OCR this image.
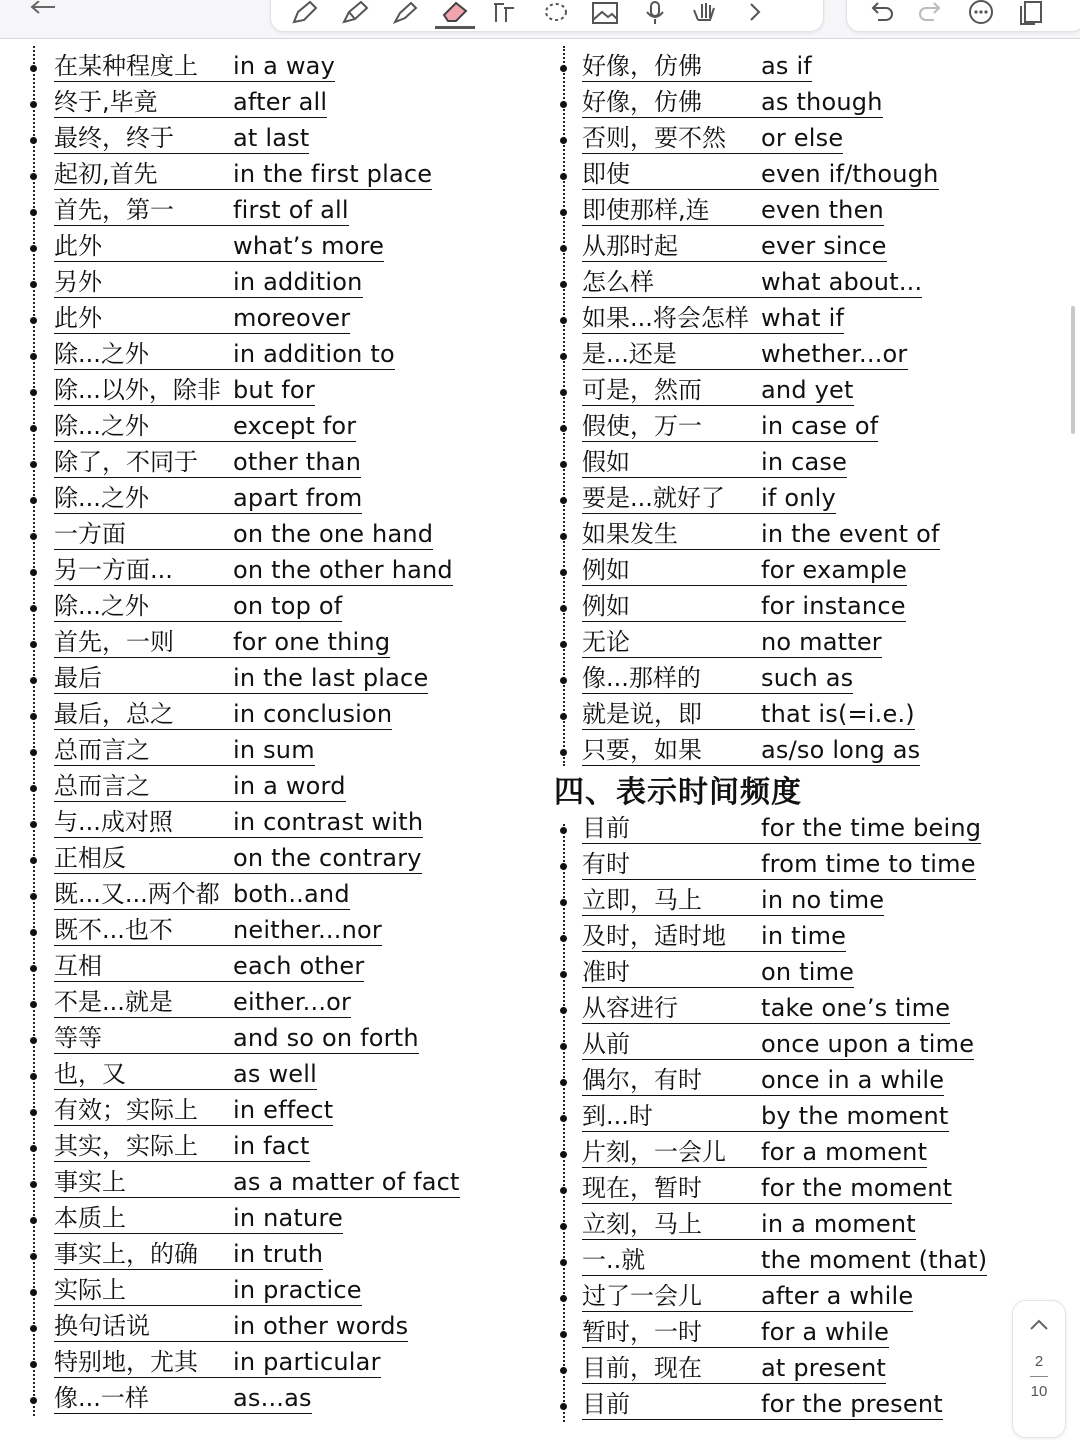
在某种程度上	in a way
终于,毕竟	after all
最终，终于	at last
起初,首先	in the first place
首先，第一	first of all
此外	what’s more
另外	in addition
此外	moreover
除...之外	in addition to
除...以外，除非 but for
除...之外	except for
除了，不同于	other than
除...之外	apart from
一方面	on the one hand
另一方面...	on the other hand
除...之外	on top of
首先，一则	for one thing
最后	in the last place
最后，总之	in conclusion
总而言之	in sum
总而言之	in a word
与...成对照	in contrast with
正相反	on the contrary
既...又...两个都 both..and
既不...也不	neither...nor
互相	each other
不是...就是	either...or
等等	and so on forth
也，又	as well
有效；实际上	in effect
其实，实际上	in fact
事实上	as a matter of fact
本质上	in nature
事实上，的确	in truth
实际上	in practice
换句话说	in other words
特别地，尤其	in particular
像...一样	as...as
好像，仿佛	as if
好像，仿佛	as though
否则，要不然	or else
即使	even if/though
即使那样,连	even then
从那时起	ever since
怎么样	what about...
如果...将会怎样 what if
是...还是	whether...or
可是，然而	and yet
假使，万一	in case of
假如	in case
要是...就好了	if only
如果发生	in the event of
例如	for example
例如	for instance
无论	no matter
像...那样的	such as
就是说，即	that is(=i.e.)
只要，如果	as/so long as
四、表示时间频度
目前	for the time being
有时	from time to time
立即，马上	in no time
及时，适时地	in time
准时	on time
从容进行	take one’s time
从前	once upon a time
偶尔，有时	once in a while
到...时	by the moment
片刻，一会儿	for a moment
现在，暂时	for the moment
立刻，马上	in a moment
一..就	the moment (that)
过了一会儿	after a while
暂时，一时	for a while
目前，现在	at present
目前	for the present
2
10
